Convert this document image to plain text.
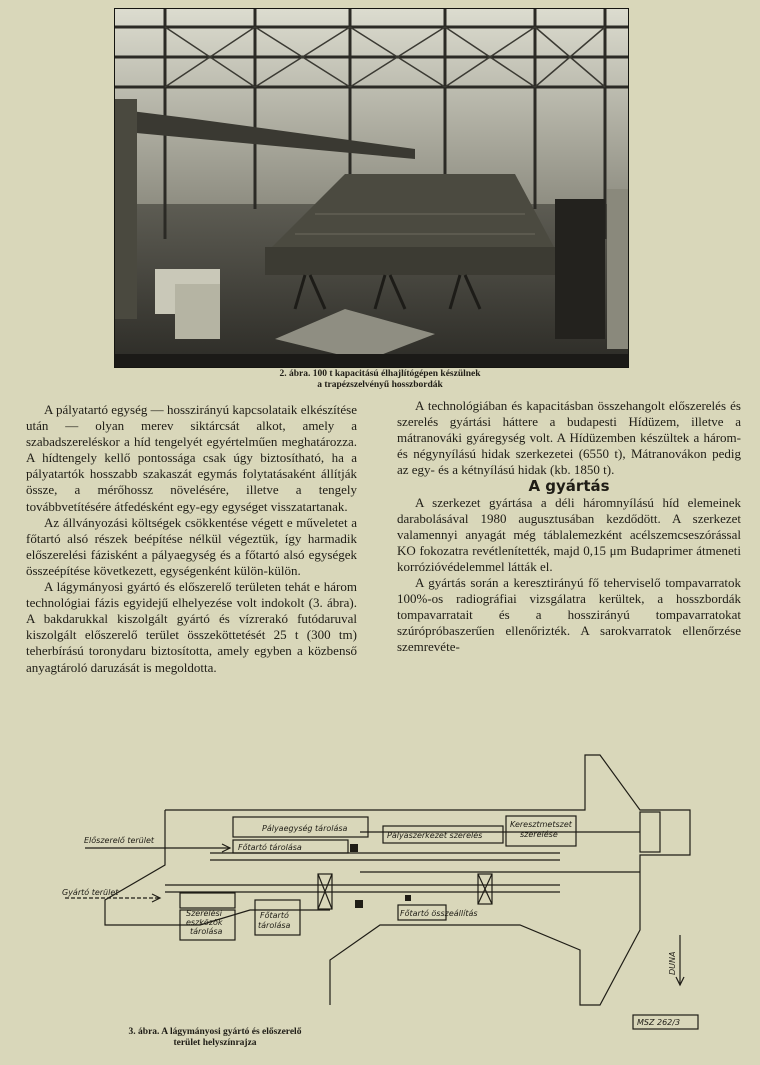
2. ábra. 100 t kapacitású élhajlítógépen készülnek
a trapézszelvényű hosszbordák

A pályatartó egység — hosszirányú kapcsolataik elkészítése után — olyan merev siktárcsát alkot, amely a szabadszereléskor a híd tengelyét egyértelműen meghatározza. A hídtengely kellő pontossága csak úgy biztosítható, ha a pályatartók hosszabb szakaszát egymás folytatásaként állítják össze, a mérőhossz növelésére, illetve a tengely továbbvetítésére átfedésként egy-egy egységet visszatartanak.

Az állványozási költségek csökkentése végett e műveletet a főtartó alsó részek beépítése nélkül végeztük, így harmadik előszerelési fázisként a pályaegység és a főtartó alsó egységek összeépítése következett, egységenként külön-külön.

A lágymányosi gyártó és előszerelő területen tehát e három technológiai fázis egyidejű elhelyezése volt indokolt (3. ábra). A bakdarukkal kiszolgált gyártó és vízrerakó futódaruval kiszolgált előszerelő terület összeköttetését 25 t (300 tm) teherbírású toronydaru biztosította, amely egyben a közbenső anyagtároló daruzását is megoldotta.

A technológiában és kapacitásban összehangolt előszerelés és szerelés gyártási háttere a budapesti Hídüzem, illetve a mátranováki gyáregység volt. A Hídüzemben készültek a három- és négynyílású hidak szerkezetei (6550 t), Mátranovákon pedig az egy- és a kétnyílású hidak (kb. 1850 t).

A gyártás

A szerkezet gyártása a déli háromnyílású híd elemeinek darabolásával 1980 augusztusában kezdődött. A szerkezet valamennyi anyagát még táblalemezként acélszemcseszórással KO fokozatra revétlenítették, majd 0,15 μm Budaprimer átmeneti korrózióvédelemmel látták el.

A gyártás során a keresztirányú fő teherviselő tompavarratok 100%-os radiográfiai vizsgálatra kerültek, a hosszbordák tompavarratait és a hosszirányú tompavarratokat szúrópróbaszerűen ellenőrizték. A sarokvarratok ellenőrzése szemrevéte-

Előszerelő terület
Gyártó terület
Pályaegység tárolása
Főtartó tárolása
Pályaszerkezet szerelés
Keresztmetszet
szerelése
Szerelési
eszközök
tárolása
Főtartó
tárolása
Főtartó összeállítás
DUNA
MSZ 262/3
3. ábra. A lágymányosi gyártó és előszerelő
terület helyszínrajza
